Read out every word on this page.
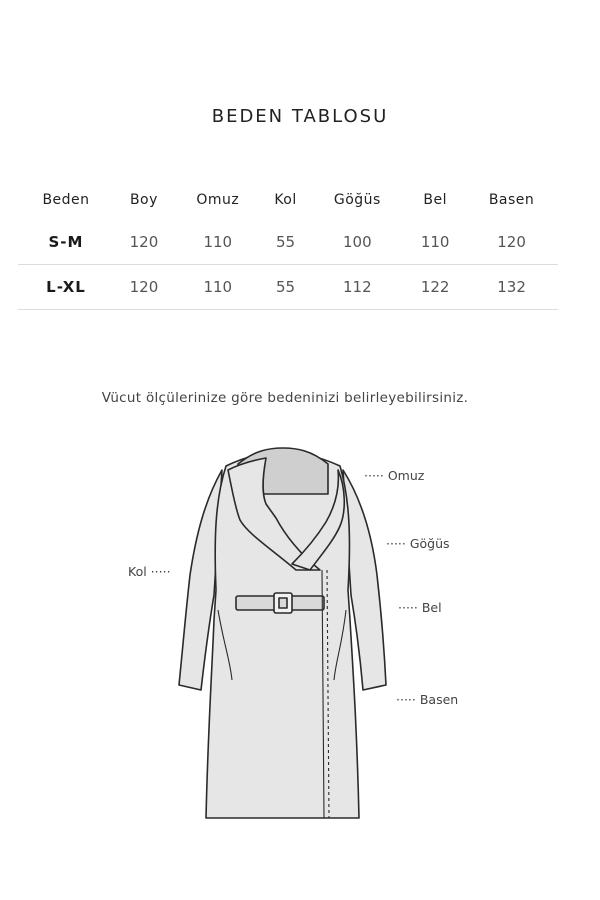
BEDEN TABLOSU
Beden	Boy	Omuz	Kol	Göğüs	Bel	Basen
S-M	120	110	55	100	110	120
L-XL	120	110	55	112	122	132
Vücut ölçülerinize göre bedeninizi belirleyebilirsiniz.
····· Omuz
····· Göğüs
····· Bel
····· Basen
Kol ·····
